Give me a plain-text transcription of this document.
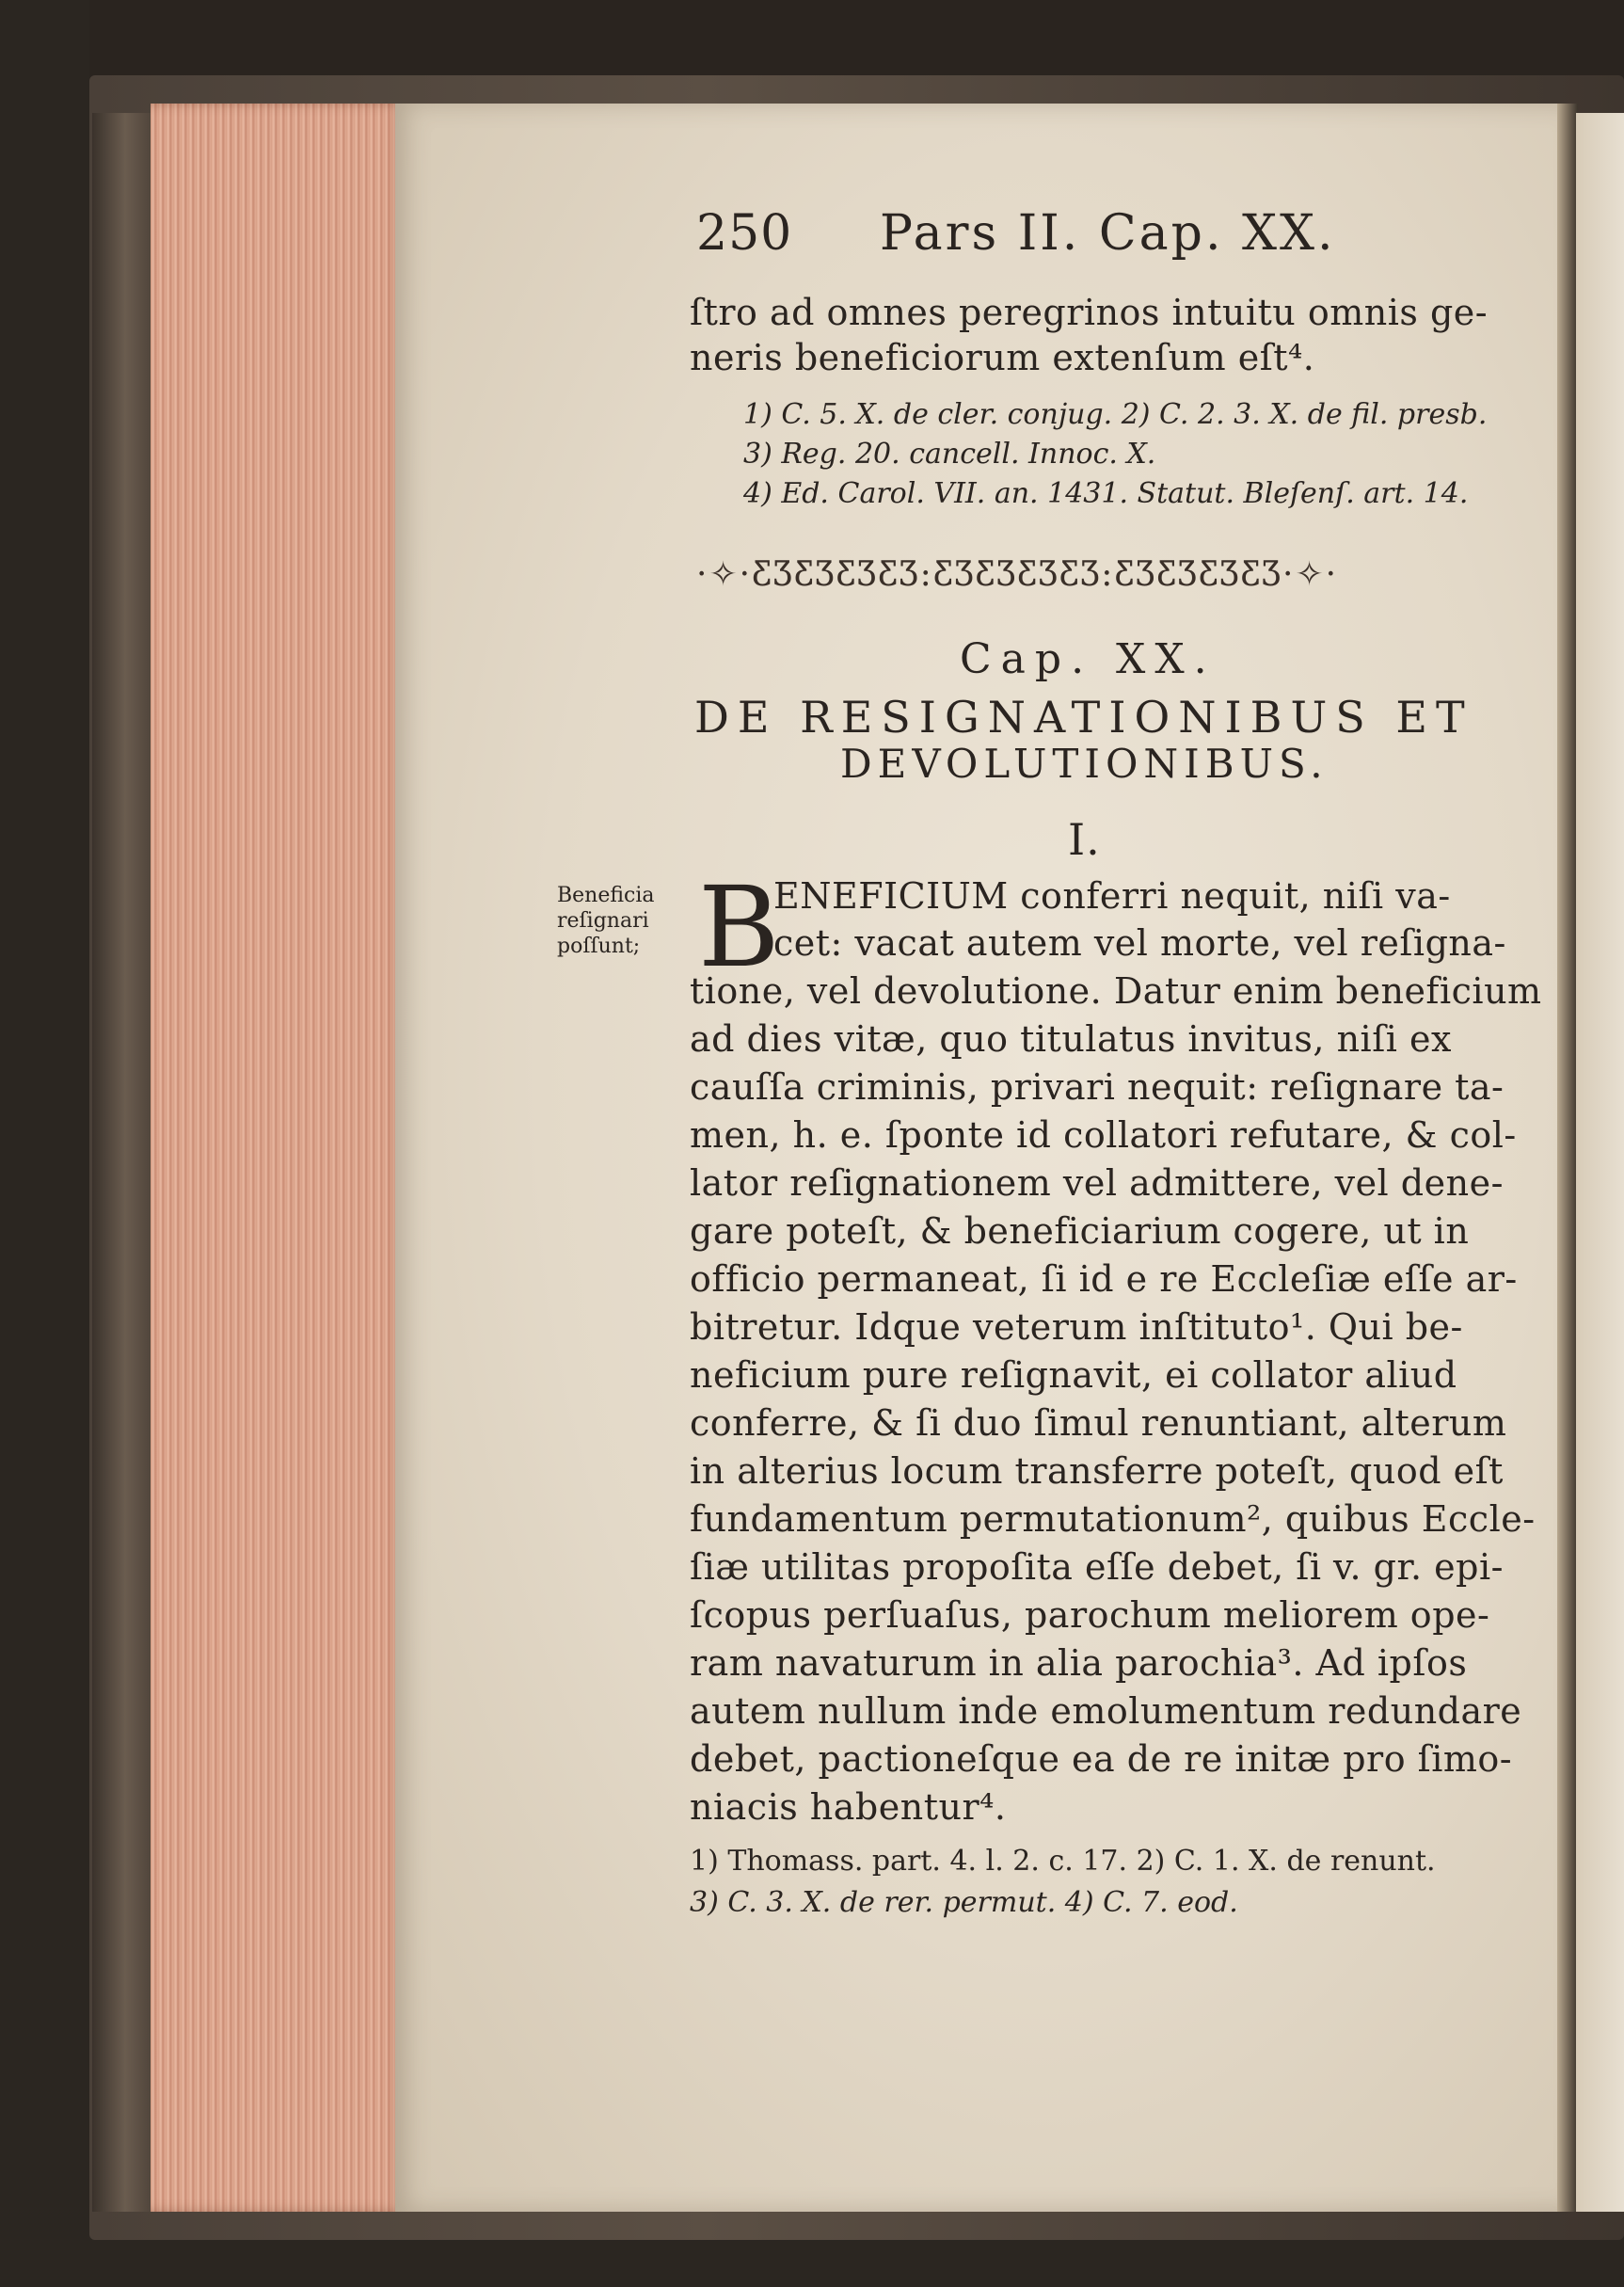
250 Pars II. Cap. XX.
ſtro ad omnes peregrinos intuitu omnis ge-
neris beneficiorum extenſum eſt⁴.
1) C. 5. X. de cler. conjug. 2) C. 2. 3. X. de fil. presb.
3) Reg. 20. cancell. Innoc. X.
4) Ed. Carol. VII. an. 1431. Statut. Bleſenſ. art. 14.
·✧·ƸƷƸƷƸƷƸƷ:ƸƷƸƷƸƷƸƷ:ƸƷƸƷƸƷƸƷ·✧·
Cap. XX.
DE RESIGNATIONIBUS ET
DEVOLUTIONIBUS.
I.
Beneficia
reſignari
poſſunt; B
ENEFICIUM conferri nequit, niſi va-
cet: vacat autem vel morte, vel reſigna-
tione, vel devolutione. Datur enim beneficium
ad dies vitæ, quo titulatus invitus, niſi ex
cauſſa criminis, privari nequit: reſignare ta-
men, h. e. ſponte id collatori refutare, & col-
lator reſignationem vel admittere, vel dene-
gare poteſt, & beneficiarium cogere, ut in
officio permaneat, ſi id e re Eccleſiæ eſſe ar-
bitretur. Idque veterum inſtituto¹. Qui be-
neficium pure reſignavit, ei collator aliud
conferre, & ſi duo ſimul renuntiant, alterum
in alterius locum transferre poteſt, quod eſt
fundamentum permutationum², quibus Eccle-
ſiæ utilitas propoſita eſſe debet, ſi v. gr. epi-
ſcopus perſuaſus, parochum meliorem ope-
ram navaturum in alia parochia³. Ad ipſos
autem nullum inde emolumentum redundare
debet, pactioneſque ea de re initæ pro ſimo-
niacis habentur⁴.
1) Thomass. part. 4. l. 2. c. 17. 2) C. 1. X. de renunt.
3) C. 3. X. de rer. permut. 4) C. 7. eod.
